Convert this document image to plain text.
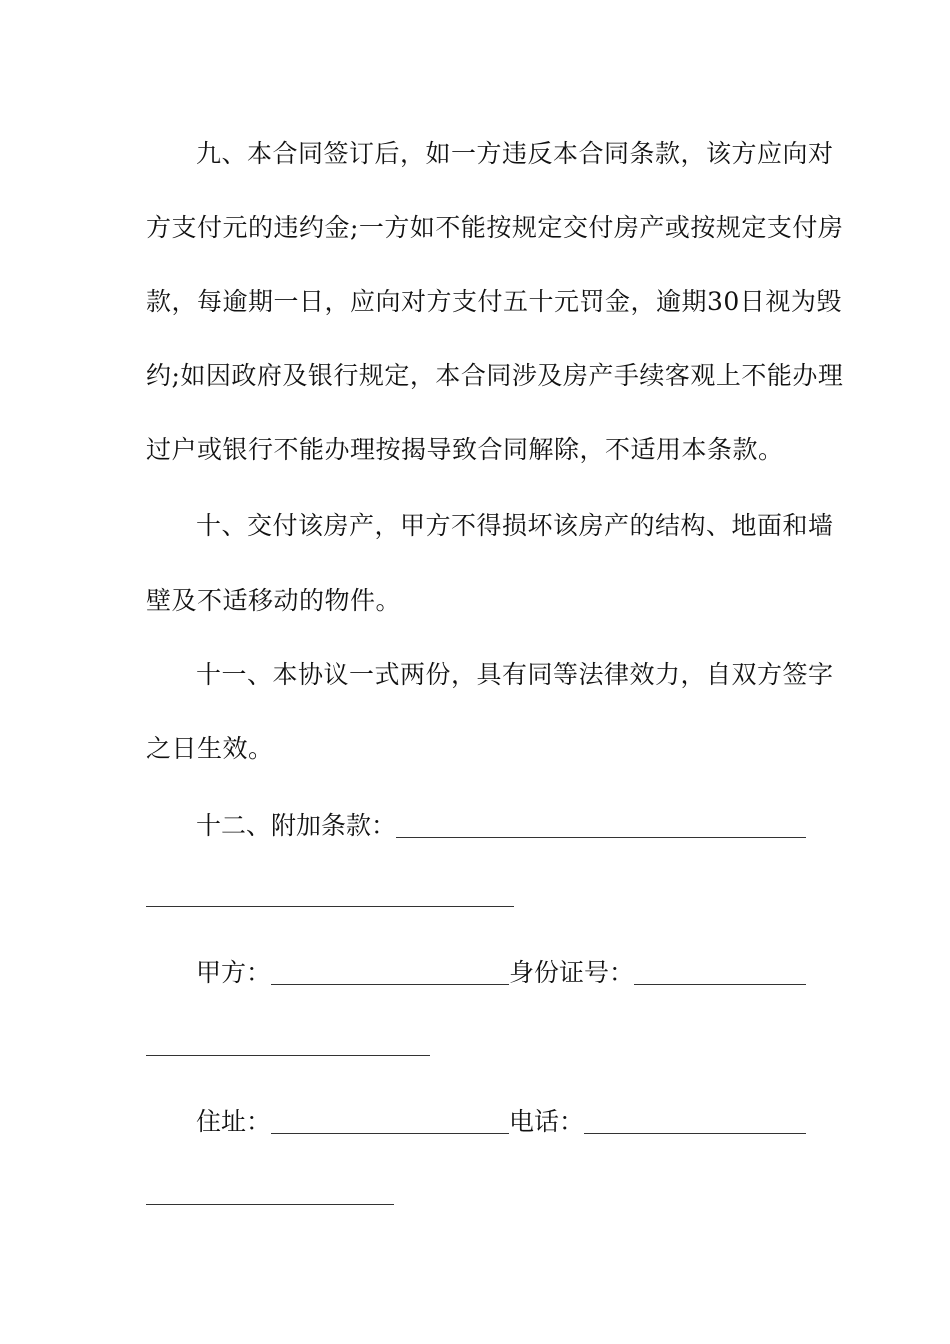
九、本合同签订后，如一方违反本合同条款，该方应向对
方支付元的违约金;一方如不能按规定交付房产或按规定支付房
款，每逾期一日，应向对方支付五十元罚金，逾期30日视为毁
约;如因政府及银行规定，本合同涉及房产手续客观上不能办理
过户或银行不能办理按揭导致合同解除，不适用本条款。
十、交付该房产，甲方不得损坏该房产的结构、地面和墙
壁及不适移动的物件。
十一、本协议一式两份，具有同等法律效力，自双方签字
之日生效。
十二、附加条款：
甲方：	身份证号：
住址：	电话：
